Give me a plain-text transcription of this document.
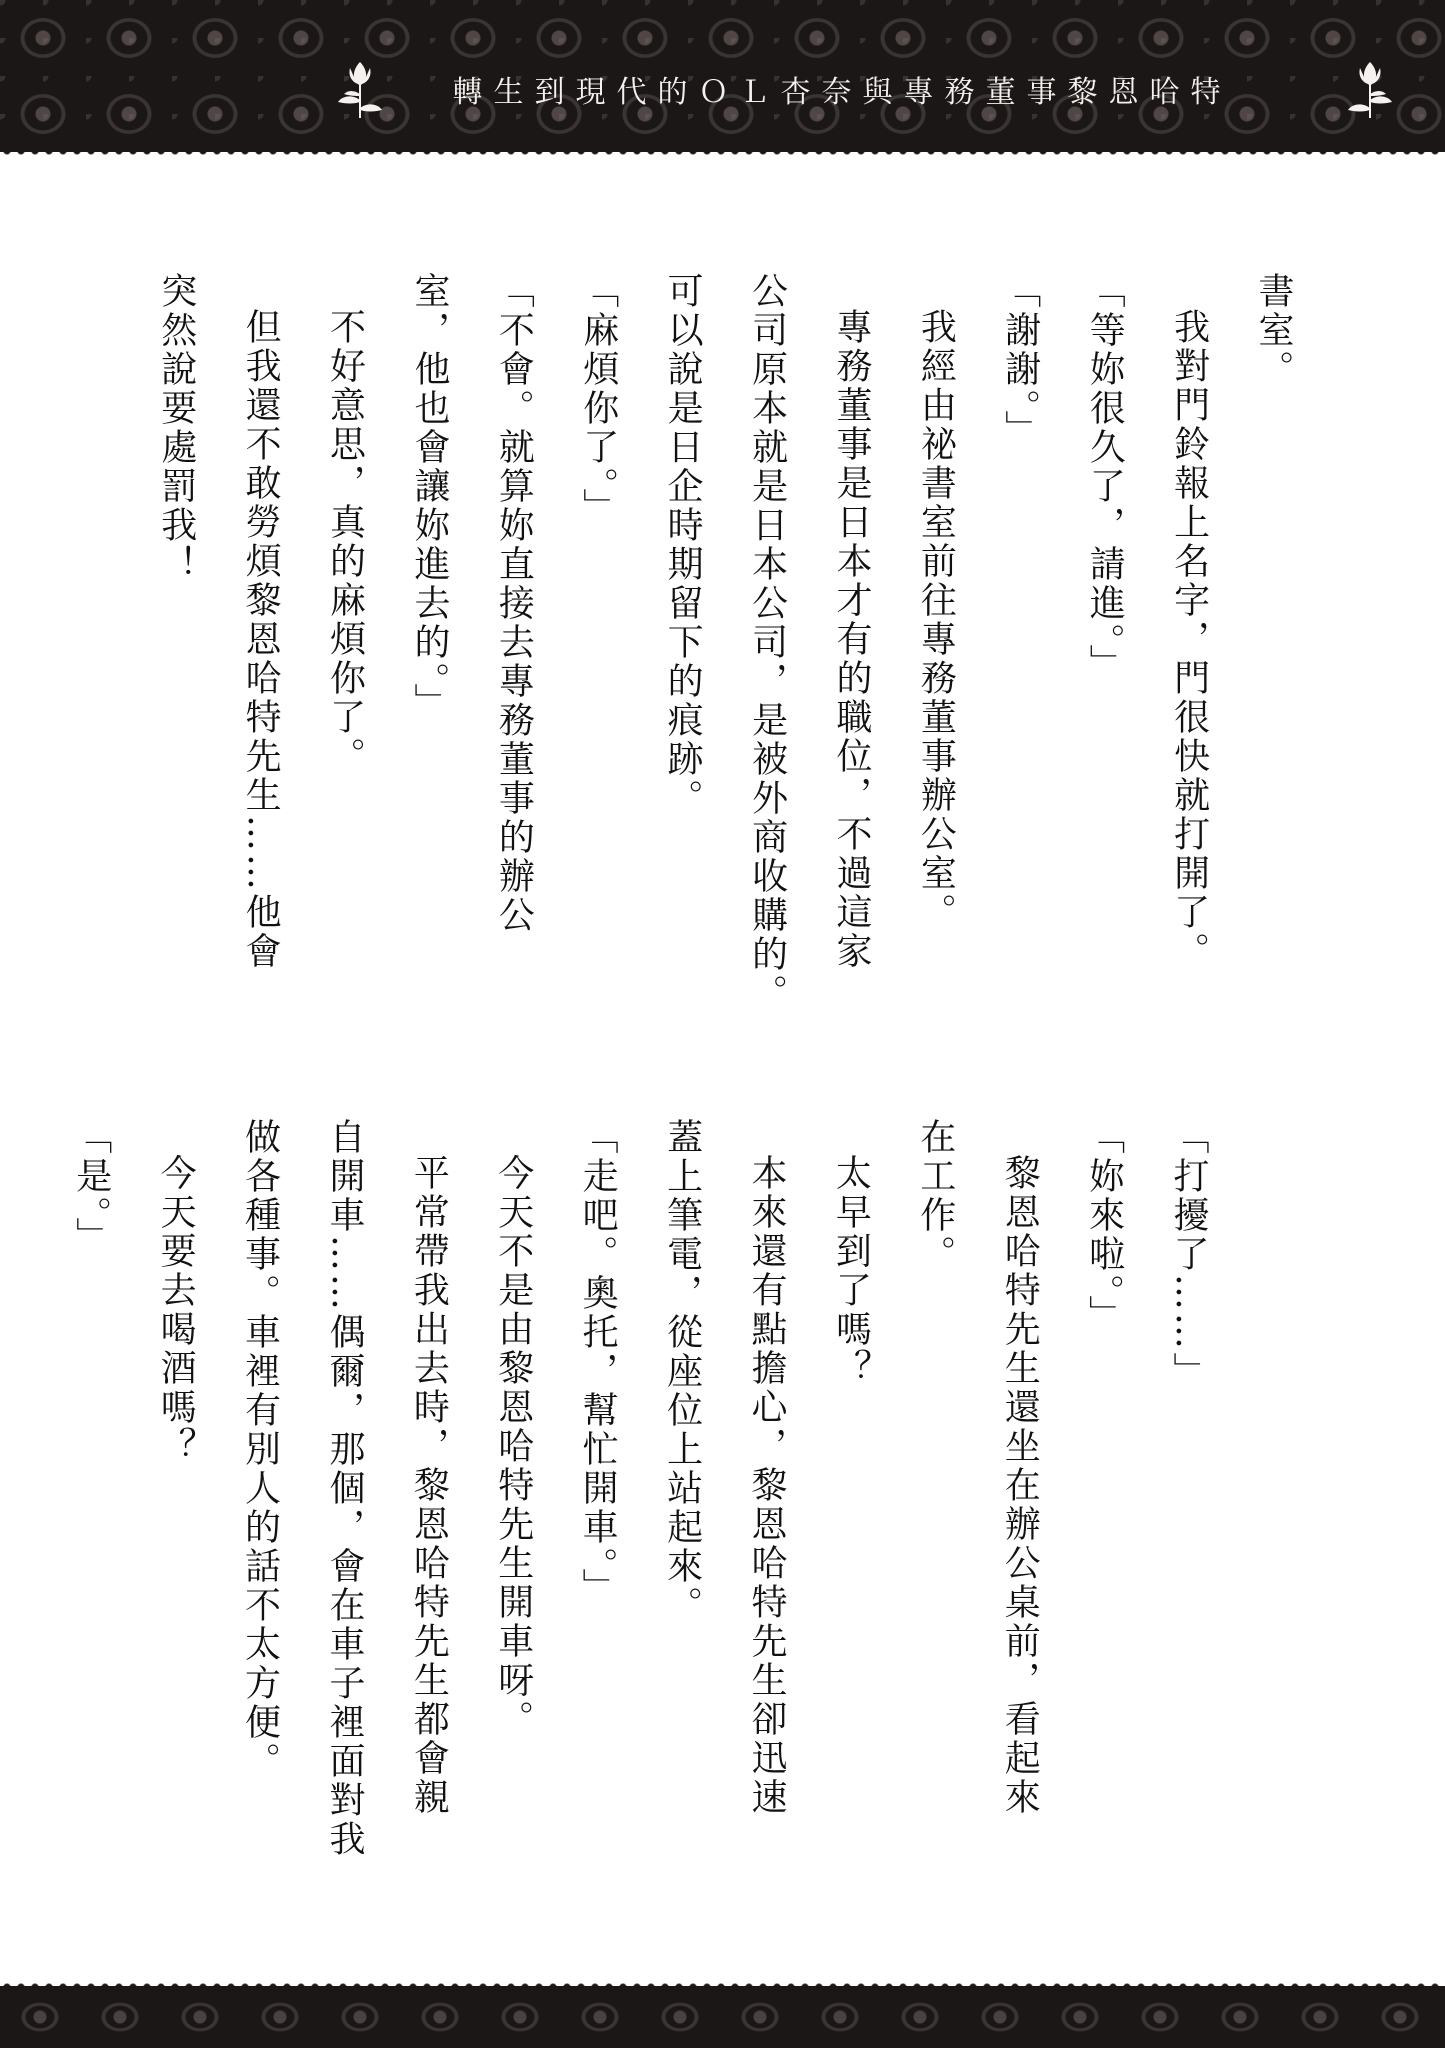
轉生到現代的ＯＬ杏奈與專務董事黎恩哈特
書室。
我對門鈴報上名字，門很快就打開了。
「等妳很久了，請進。」
「謝謝。」
我經由祕書室前往專務董事辦公室。
專務董事是日本才有的職位，不過這家
公司原本就是日本公司，是被外商收購的。
可以說是日企時期留下的痕跡。
「麻煩你了。」
「不會。就算妳直接去專務董事的辦公
室，他也會讓妳進去的。」
不好意思，真的麻煩你了。
但我還不敢勞煩黎恩哈特先生……他會
突然說要處罰我！
「打擾了……」
「妳來啦。」
黎恩哈特先生還坐在辦公桌前，看起來
在工作。
太早到了嗎？
本來還有點擔心，黎恩哈特先生卻迅速
蓋上筆電，從座位上站起來。
「走吧。奧托，幫忙開車。」
今天不是由黎恩哈特先生開車呀。
平常帶我出去時，黎恩哈特先生都會親
自開車……偶爾，那個，會在車子裡面對我
做各種事。車裡有別人的話不太方便。
今天要去喝酒嗎？
「是。」
